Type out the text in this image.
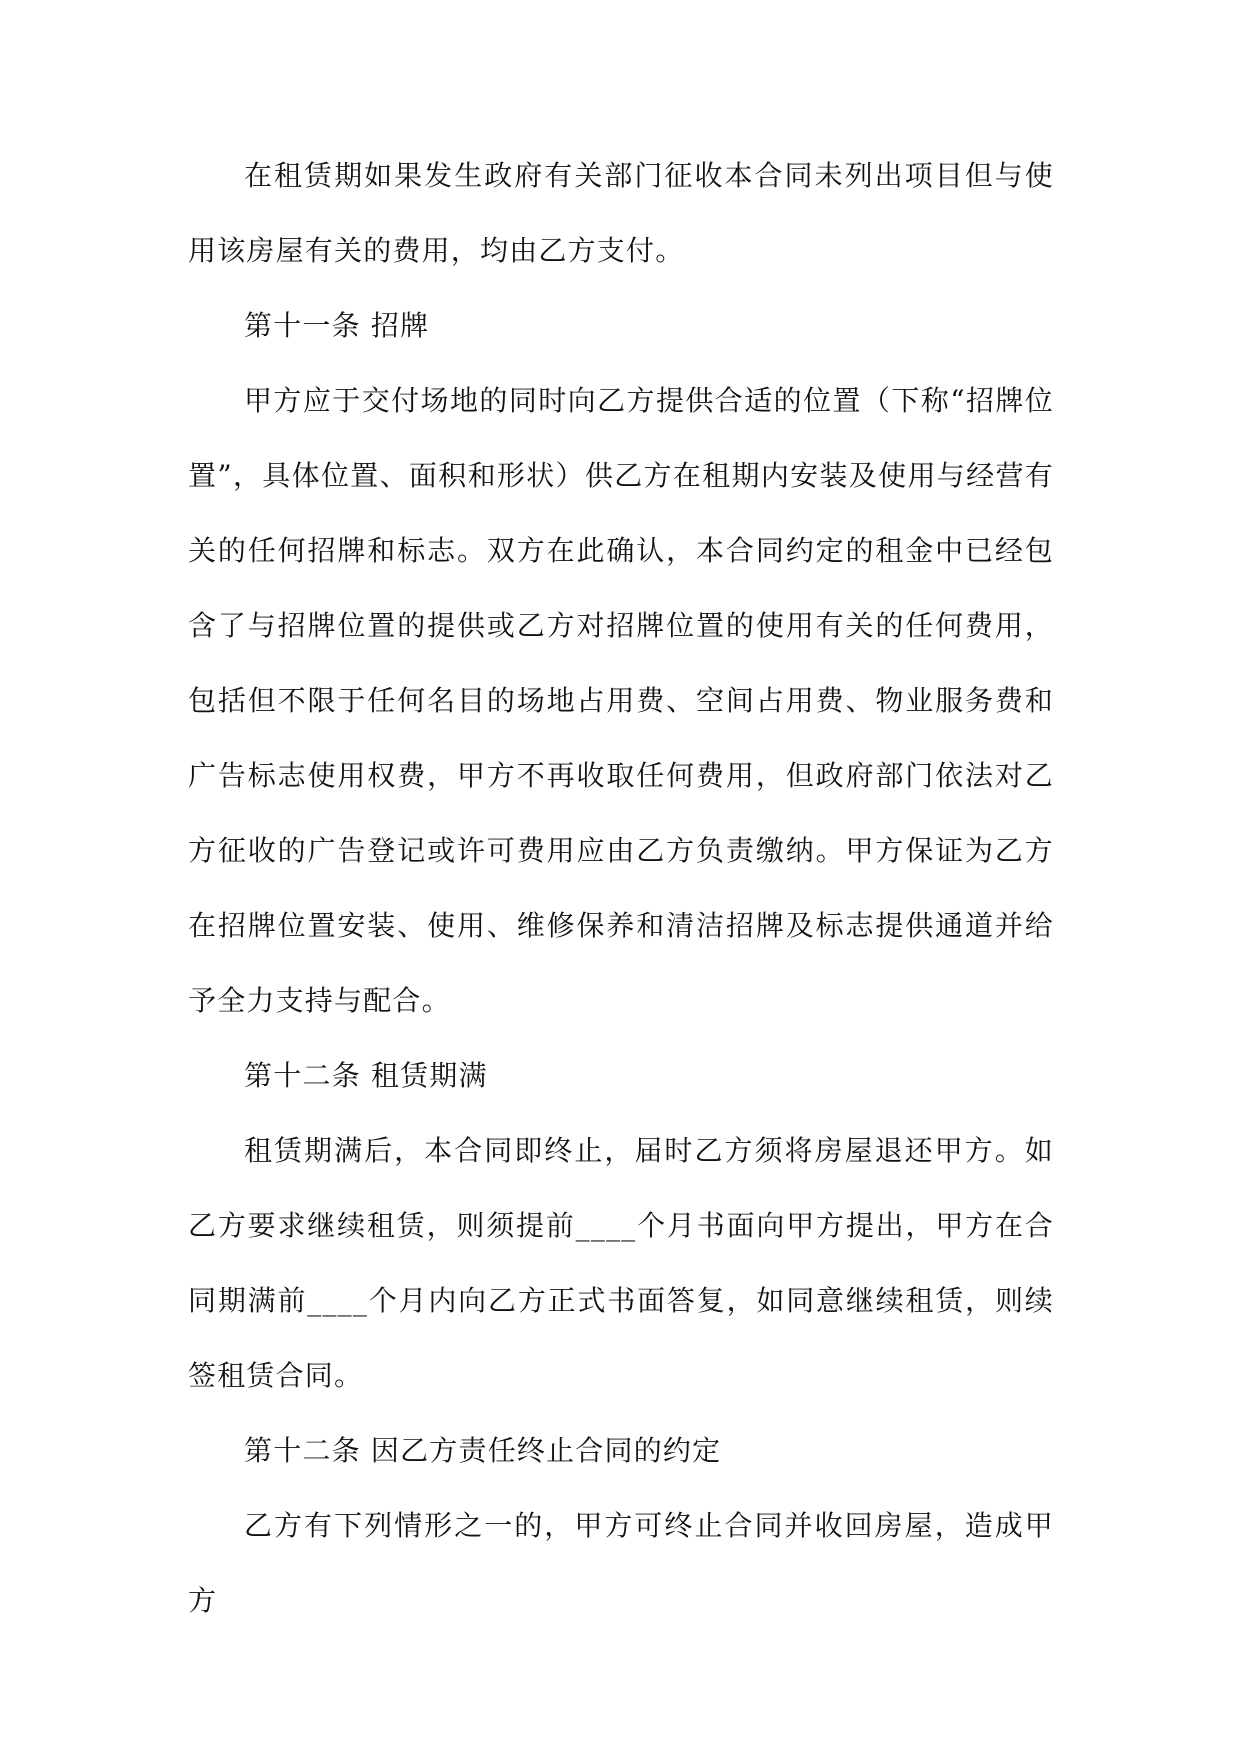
在租赁期如果发生政府有关部门征收本合同未列出项目但与使用该房屋有关的费用，均由乙方支付。

第十一条 招牌

甲方应于交付场地的同时向乙方提供合适的位置（下称“招牌位置”，具体位置、面积和形状）供乙方在租期内安装及使用与经营有关的任何招牌和标志。双方在此确认，本合同约定的租金中已经包含了与招牌位置的提供或乙方对招牌位置的使用有关的任何费用，包括但不限于任何名目的场地占用费、空间占用费、物业服务费和广告标志使用权费，甲方不再收取任何费用，但政府部门依法对乙方征收的广告登记或许可费用应由乙方负责缴纳。甲方保证为乙方在招牌位置安装、使用、维修保养和清洁招牌及标志提供通道并给予全力支持与配合。

第十二条 租赁期满

租赁期满后，本合同即终止，届时乙方须将房屋退还甲方。如乙方要求继续租赁，则须提前____个月书面向甲方提出，甲方在合同期满前____个月内向乙方正式书面答复，如同意继续租赁，则续签租赁合同。

第十二条 因乙方责任终止合同的约定

乙方有下列情形之一的，甲方可终止合同并收回房屋，造成甲方
